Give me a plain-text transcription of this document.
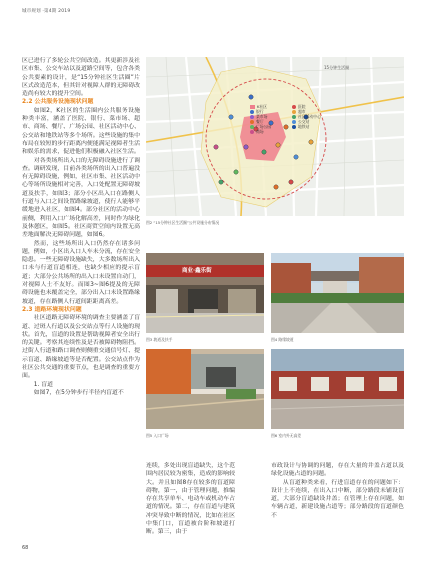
城市规划 ·第4期 2019

区已进行了多轮公共空间改造。其更新涉及社区市集、公交车站以及道路空间等，包含各类公共要素的设计，是“15分钟社区生活圈”片区式改造范本，但其针对视障人群的无障碍改造尚有较大的提升空间。

2.2 公共服务设施现状问题

如图2，K社区的生活圈内公共服务设施种类丰富，涵盖了医院、银行、菜市场、超市、商场、餐厅、广场公园、社区活动中心、公交站和地铁站等多个场所。这些设施的集中布局在较短的步行距离内便能满足视障者生活和娱乐的需求，促进他们积极融入社区生活。

对各类场所出入口的无障碍设施进行了调查。调研发现，目前各类场所的出入口普遍没有无障碍设施，例如，社区市集、社区活动中心等场所设施相对完善，入口处配置无障碍坡道及扶手，如图3；部分小区出入口在路侧人行道与入口之间设置路缘坡道，使行人能够平缓地进入社区，如图4。部分社区的活动中心前侧，利用入口广场化解高差，同时作为绿化及休憩区，如图5。社区商贸空间内设置无高差地面解决无障碍问题，如图6。

然而，这些场所出入口仍然存在诸多问题，例如，小区出入口人车未分流，存在安全隐患。一些无障碍设施缺失，大多数场所出入口未与行道盲道相连，也缺少相应的提示盲道；大部分公共场所的出入口未设置自动门，对视障人士不友好。而图3~图6提及的无障碍设施也未覆盖完全，部分出入口未设置路缘坡道，存在路侧人行道间距距离高差。

2.3 道路环境现状问题

社区道路无障碍环境的调查主要涵盖了盲道、过斑人行道以及公交站点等行人设施的现状。首先，盲道的设置是帮助视障者安全出行的关键。考察其连续性及是否被障碍物阻挡。过街人行道和路口调查则侧重交通信号灯、提示盲道、路缘坡道等是否配置。公交站点作为社区公共交通的重要节点，也是调查的重要方面。

1. 盲道

如图7，在5分钟步行半径内盲道不

15分钟生活圈
K社区	医院
银行	超市
菜市场	社区活动中心
餐厅	公交站
广场公园	地铁站
商场
图2 “15分钟社区生活圈”公共设施分布情况
商业·鑫乐街
图3 坡道及扶手	图4 路缘坡道
图5 入口广场	图6 室内外无高差

连续，多处出现盲道缺失，这个范围内居民较为密集，造成的影响较大。并且如图8存在较多的盲道障碍物，第一，由于管理问题，推编存在共享单车、电动车或机动车占道的情况。第二，存在盲道与建筑冲突导致中断的情况，比如在社区中集门口，盲道被台阶和坡道打断。第三，由于

市政设计与协调的问题，存在大量的井盖占道以及绿化设施占道的问题。

从盲道种类来看，行进盲道存在的问题如下：设计上不连续，在出入口中断，部分路段未铺设盲道，大部分盲道缺设井盖；在管理上存在问题，如车辆占道，新建设施占道等；部分路段的盲道颜色不

68
